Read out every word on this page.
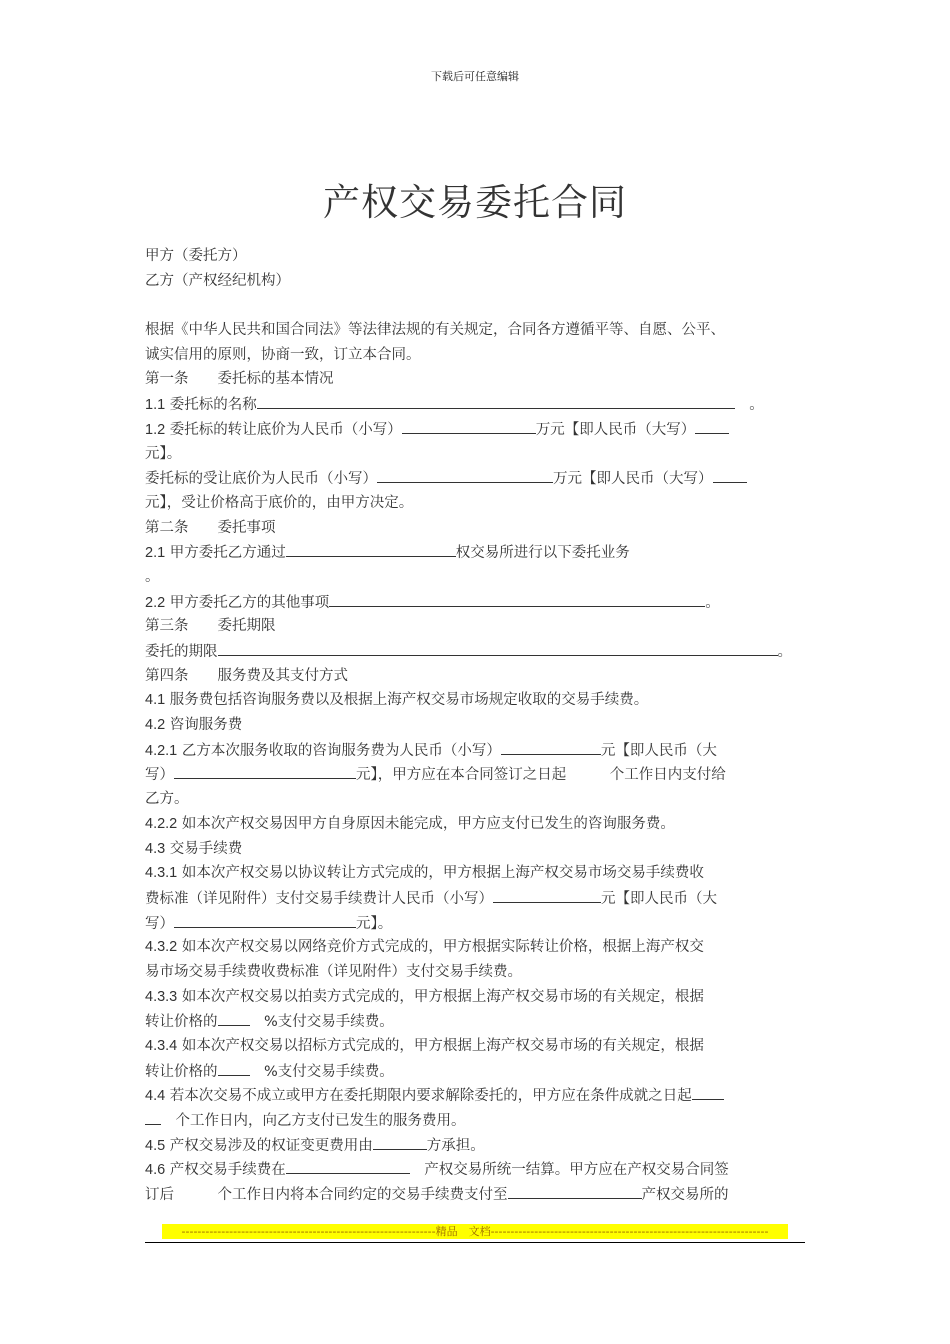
下载后可任意编辑
产权交易委托合同
甲方（委托方）
乙方（产权经纪机构）
根据《中华人民共和国合同法》等法律法规的有关规定，合同各方遵循平等、自愿、公平、
诚实信用的原则，协商一致，订立本合同。
第一条　　委托标的基本情况
1.1 委托标的名称	　。
1.2 委托标的转让底价为人民币（小写）	万元【即人民币（大写）
元】。
委托标的受让底价为人民币（小写）	万元【即人民币（大写）
元】，受让价格高于底价的，由甲方决定。
第二条　　委托事项
2.1 甲方委托乙方通过	权交易所进行以下委托业务
。
2.2 甲方委托乙方的其他事项	。
第三条　　委托期限
委托的期限	。
第四条　　服务费及其支付方式
4.1 服务费包括咨询服务费以及根据上海产权交易市场规定收取的交易手续费。
4.2 咨询服务费
4.2.1 乙方本次服务收取的咨询服务费为人民币（小写）	元【即人民币（大
写）	元】，甲方应在本合同签订之日起　　　个工作日内支付给
乙方。
4.2.2 如本次产权交易因甲方自身原因未能完成，甲方应支付已发生的咨询服务费。
4.3 交易手续费
4.3.1 如本次产权交易以协议转让方式完成的，甲方根据上海产权交易市场交易手续费收
费标准（详见附件）支付交易手续费计人民币（小写）	元【即人民币（大
写）	元】。
4.3.2 如本次产权交易以网络竞价方式完成的，甲方根据实际转让价格，根据上海产权交
易市场交易手续费收费标准（详见附件）支付交易手续费。
4.3.3 如本次产权交易以拍卖方式完成的，甲方根据上海产权交易市场的有关规定，根据
转让价格的　%支付交易手续费。
4.3.4 如本次产权交易以招标方式完成的，甲方根据上海产权交易市场的有关规定，根据
转让价格的　%支付交易手续费。
4.4 若本次交易不成立或甲方在委托期限内要求解除委托的，甲方应在条件成就之日起
　个工作日内，向乙方支付已发生的服务费用。
4.5 产权交易涉及的权证变更费用由	方承担。
4.6 产权交易手续费在	　产权交易所统一结算。甲方应在产权交易合同签
订后　　　个工作日内将本合同约定的交易手续费支付至	产权交易所的
----------------------------------------------------------------精品　文档----------------------------------------------------------------------
